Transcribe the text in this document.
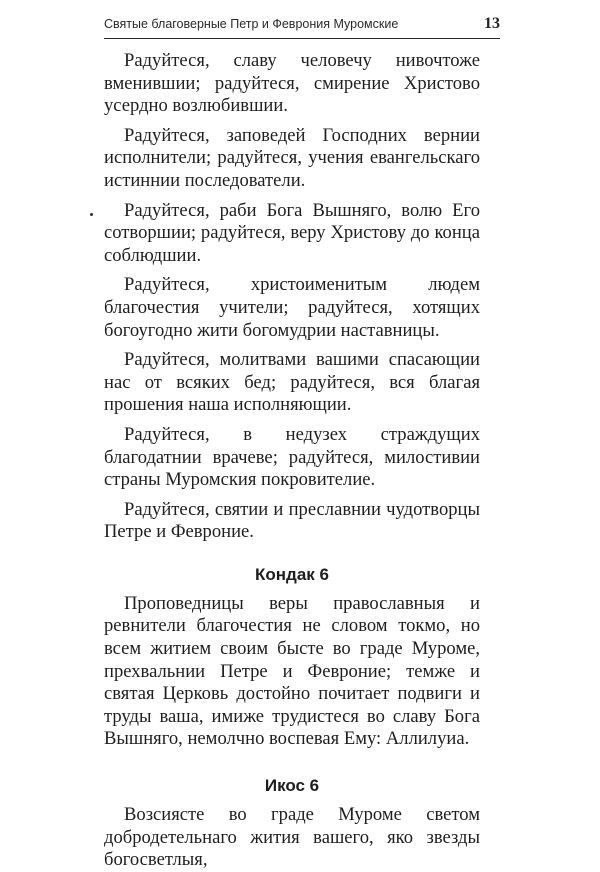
Святые благоверные Петр и Феврония Муромские	13

Радуйтеся, славу человечу нивочтоже вменившии; радуйтеся, смирение Христово усердно возлюбившии.

Радуйтеся, заповедей Господних вернии исполнители; радуйтеся, учения евангельскаго истиннии последователи.

Радуйтеся, раби Бога Вышняго, волю Его сотворшии; радуйтеся, веру Христову до конца соблюдшии.

Радуйтеся, христоименитым людем благочестия учители; радуйтеся, хотящих богоугодно жити богомудрии наставницы.

Радуйтеся, молитвами вашими спасающии нас от всяких бед; радуйтеся, вся благая прошения наша исполняющии.

Радуйтеся, в недузех страждущих благодатнии врачеве; радуйтеся, милостивии страны Муромския покровителие.

Радуйтеся, святии и преславнии чудотворцы Петре и Февроние.

Кондак 6

Проповедницы веры православныя и ревнители благочестия не словом токмо, но всем житием своим бысте во граде Муроме, прехвальнии Петре и Февроние; темже и святая Церковь достойно почитает подвиги и труды ваша, имиже трудистеся во славу Бога Вышняго, немолчно воспевая Ему: Аллилуиа.

Икос 6

Возсиясте во граде Муроме светом добродетельнаго жития вашего, яко звезды богосветлыя,
